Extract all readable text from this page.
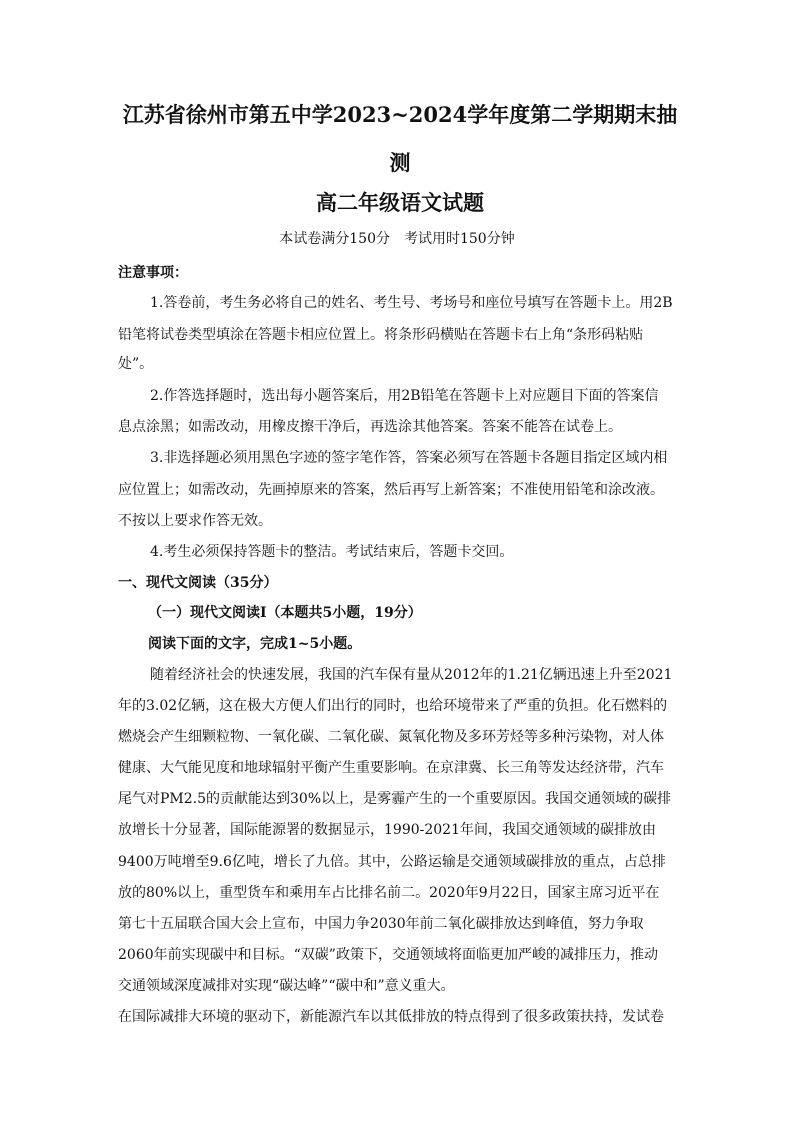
江苏省徐州市第五中学2023~2024学年度第二学期期末抽
测
高二年级语文试题
本试卷满分150分　考试用时150分钟
注意事项：
1.答卷前，考生务必将自己的姓名、考生号、考场号和座位号填写在答题卡上。用2B
铅笔将试卷类型填涂在答题卡相应位置上。将条形码横贴在答题卡右上角“条形码粘贴
处”。
2.作答选择题时，选出每小题答案后，用2B铅笔在答题卡上对应题目下面的答案信
息点涂黑；如需改动，用橡皮擦干净后，再选涂其他答案。答案不能答在试卷上。
3.非选择题必须用黑色字迹的签字笔作答，答案必须写在答题卡各题目指定区域内相
应位置上；如需改动，先画掉原来的答案，然后再写上新答案；不准使用铅笔和涂改液。
不按以上要求作答无效。
4.考生必须保持答题卡的整洁。考试结束后，答题卡交回。
一、现代文阅读（35分）
（一）现代文阅读I（本题共5小题，19分）
阅读下面的文字，完成1~5小题。
随着经济社会的快速发展，我国的汽车保有量从2012年的1.21亿辆迅速上升至2021
年的3.02亿辆，这在极大方便人们出行的同时，也给环境带来了严重的负担。化石燃料的
燃烧会产生细颗粒物、一氧化碳、二氧化碳、氮氧化物及多环芳烃等多种污染物，对人体
健康、大气能见度和地球辐射平衡产生重要影响。在京津冀、长三角等发达经济带，汽车
尾气对PM2.5的贡献能达到30%以上，是雾霾产生的一个重要原因。我国交通领域的碳排
放增长十分显著，国际能源署的数据显示，1990-2021年间，我国交通领域的碳排放由
9400万吨增至9.6亿吨，增长了九倍。其中，公路运输是交通领域碳排放的重点，占总排
放的80%以上，重型货车和乘用车占比排名前二。2020年9月22日，国家主席习近平在
第七十五届联合国大会上宣布，中国力争2030年前二氧化碳排放达到峰值，努力争取
2060年前实现碳中和目标。“双碳”政策下，交通领域将面临更加严峻的减排压力，推动
交通领域深度减排对实现“碳达峰”“碳中和”意义重大。
在国际减排大环境的驱动下，新能源汽车以其低排放的特点得到了很多政策扶持，发试卷
